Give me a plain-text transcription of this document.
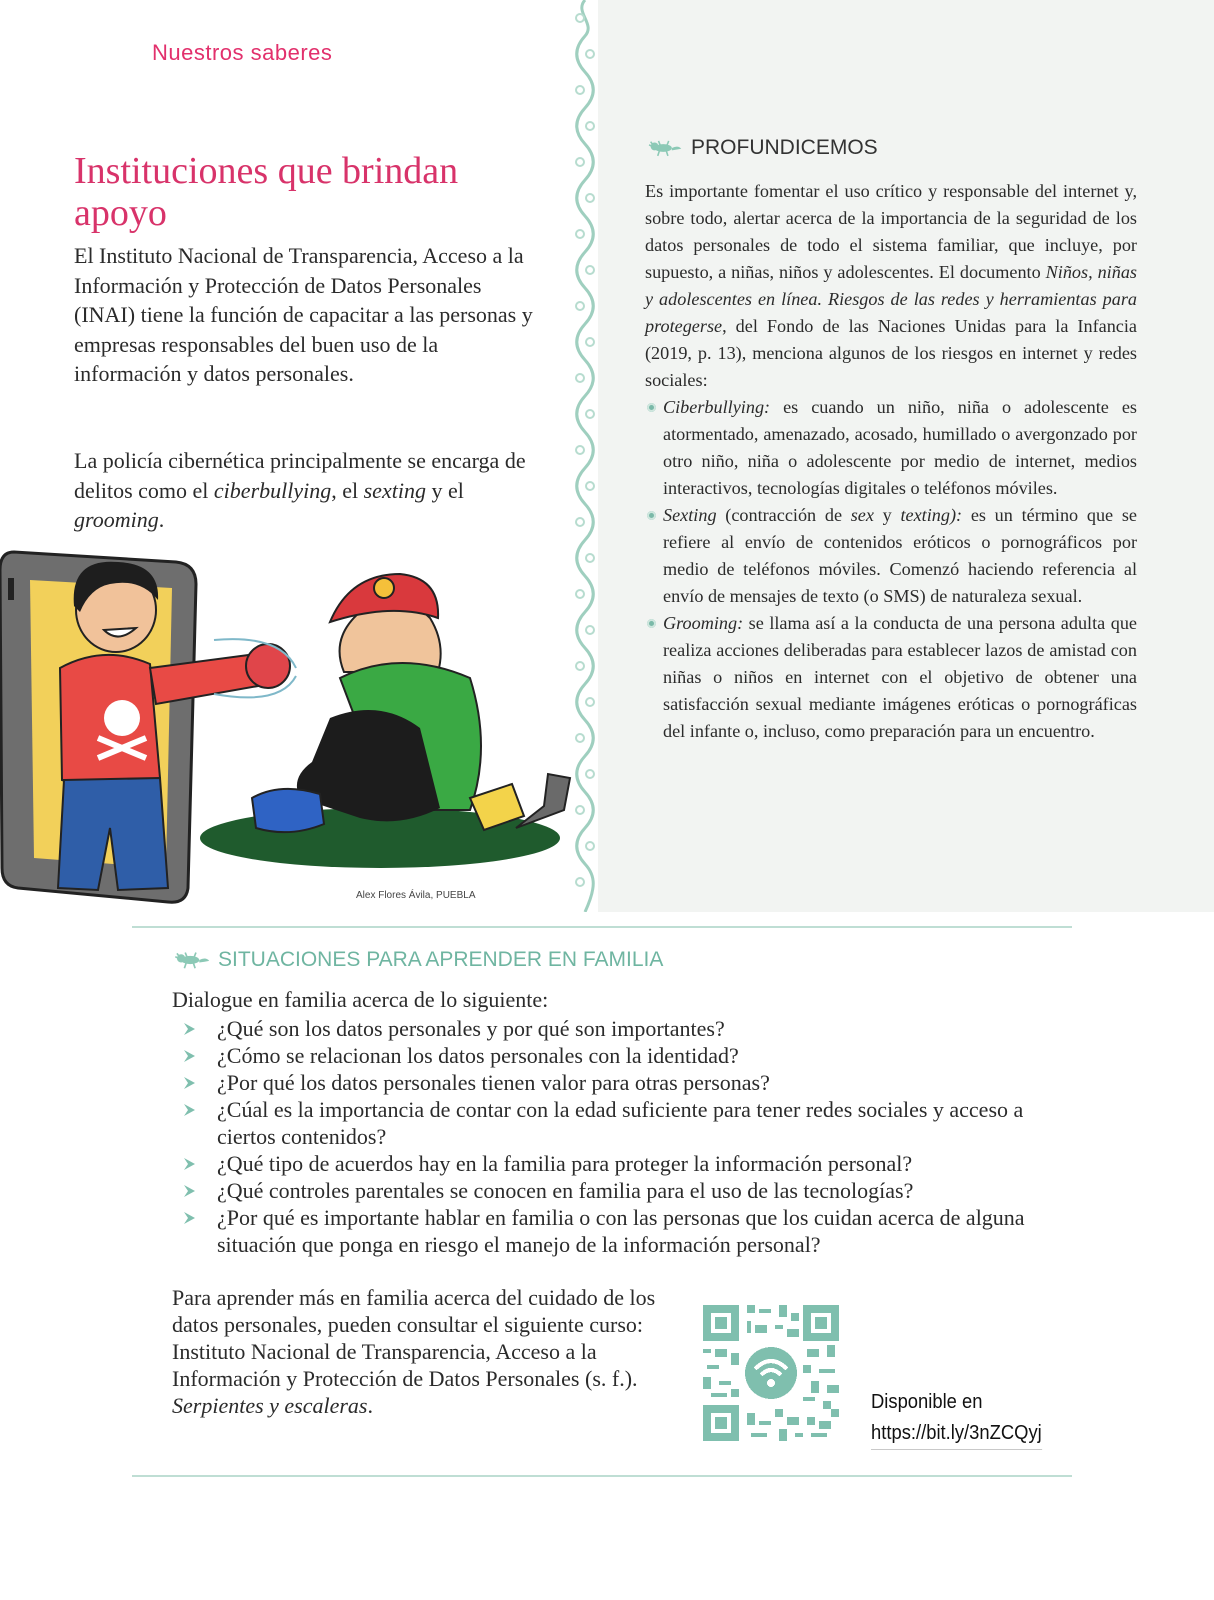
Nuestros saberes
Instituciones que brindan apoyo
El Instituto Nacional de Transparencia, Acceso a la Información y Protección de Datos Personales (INAI) tiene la función de capacitar a las personas y empresas responsables del buen uso de la información y datos personales.
La policía cibernética principalmente se encarga de delitos como el ciberbullying, el sexting y el grooming.
Alex Flores Ávila, PUEBLA
PROFUNDICEMOS

Es importante fomentar el uso crítico y responsable del internet y, sobre todo, alertar acerca de la importancia de la seguridad de los datos personales de todo el sistema familiar, que incluye, por supuesto, a niñas, niños y adolescentes. El documento Niños, niñas y adolescentes en línea. Riesgos de las redes y herramientas para protegerse, del Fondo de las Naciones Unidas para la Infancia (2019, p. 13), menciona algunos de los riesgos en internet y redes sociales:

Ciberbullying: es cuando un niño, niña o adolescente es atormentado, amenazado, acosado, humillado o avergonzado por otro niño, niña o adolescente por medio de internet, medios interactivos, tecnologías digitales o teléfonos móviles.
Sexting (contracción de sex y texting): es un término que se refiere al envío de contenidos eróticos o pornográficos por medio de teléfonos móviles. Comenzó haciendo referencia al envío de mensajes de texto (o SMS) de naturaleza sexual.
Grooming: se llama así a la conducta de una persona adulta que realiza acciones deliberadas para establecer lazos de amistad con niñas o niños en internet con el objetivo de obtener una satisfacción sexual mediante imágenes eróticas o pornográficas del infante o, incluso, como preparación para un encuentro.
SITUACIONES PARA APRENDER EN FAMILIA
Dialogue en familia acerca de lo siguiente:
¿Qué son los datos personales y por qué son importantes?
¿Cómo se relacionan los datos personales con la identidad?
¿Por qué los datos personales tienen valor para otras personas?
¿Cúal es la importancia de contar con la edad suficiente para tener redes sociales y acceso a ciertos contenidos?
¿Qué tipo de acuerdos hay en la familia para proteger la información personal?
¿Qué controles parentales se conocen en familia para el uso de las tecnologías?
¿Por qué es importante hablar en familia o con las personas que los cuidan acerca de alguna situación que ponga en riesgo el manejo de la información personal?
Para aprender más en familia acerca del cuidado de los datos personales, pueden consultar el siguiente curso: Instituto Nacional de Transparencia, Acceso a la Información y Protección de Datos Personales (s. f.). Serpientes y escaleras.	Disponible en
https://bit.ly/3nZCQyj
